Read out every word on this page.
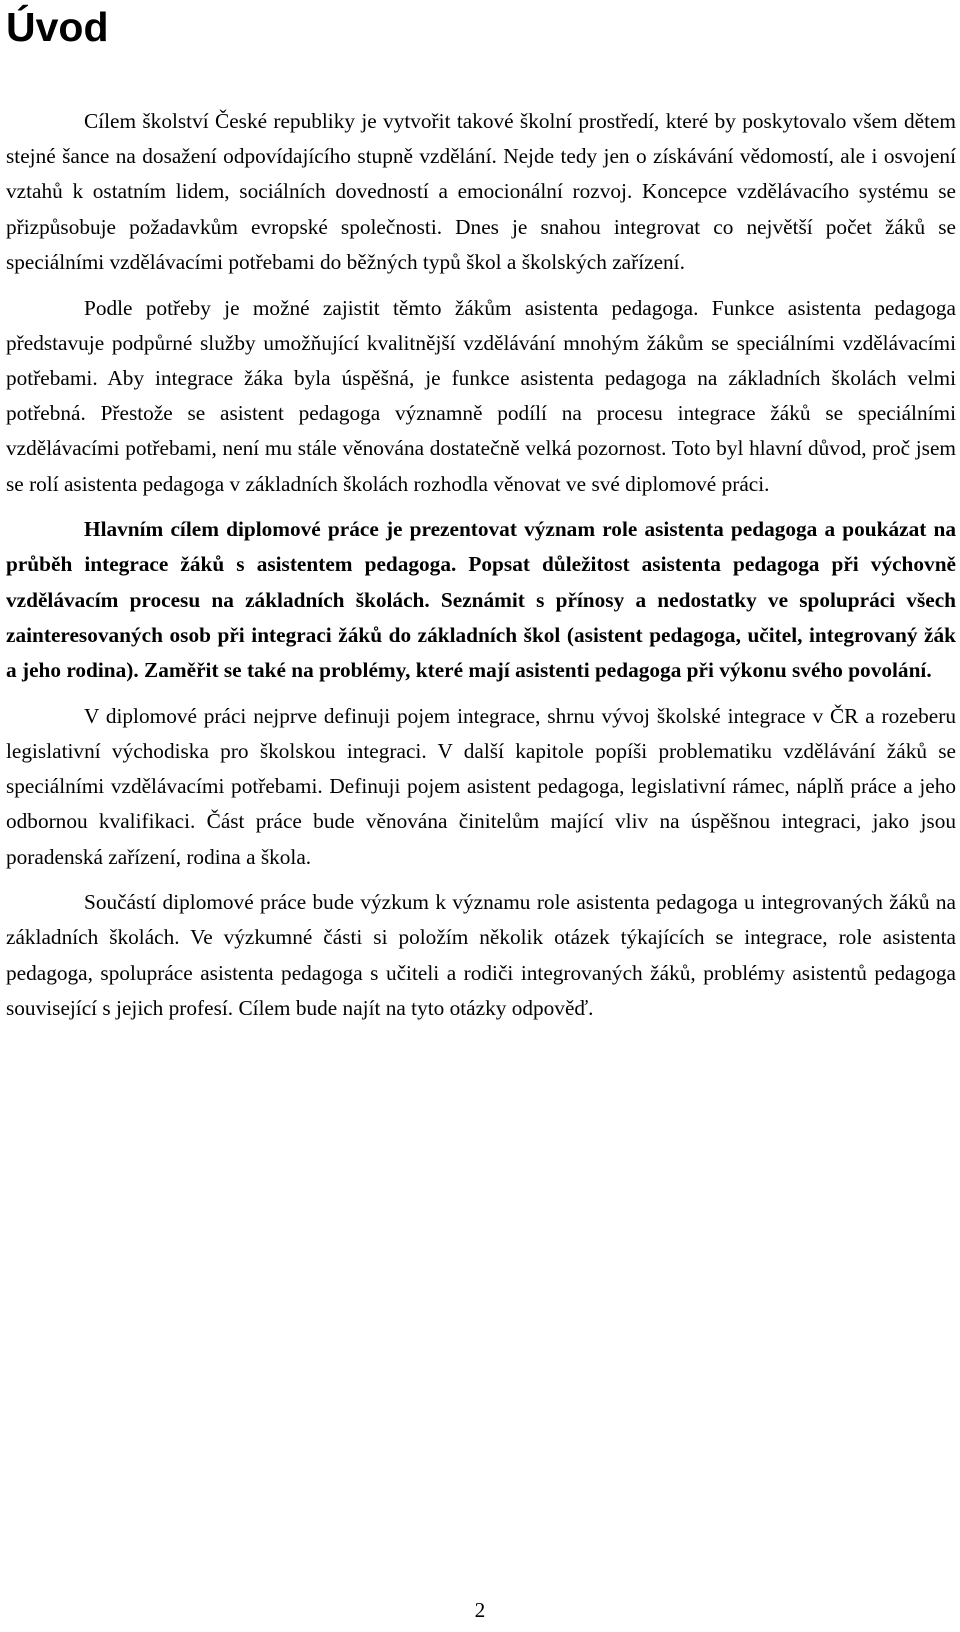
Úvod

Cílem školství České republiky je vytvořit takové školní prostředí, které by poskytovalo všem dětem stejné šance na dosažení odpovídajícího stupně vzdělání. Nejde tedy jen o získávání vědomostí, ale i osvojení vztahů k ostatním lidem, sociálních dovedností a emocionální rozvoj. Koncepce vzdělávacího systému se přizpůsobuje požadavkům evropské společnosti. Dnes je snahou integrovat co největší počet žáků se speciálními vzdělávacími potřebami do běžných typů škol a školských zařízení.

Podle potřeby je možné zajistit těmto žákům asistenta pedagoga. Funkce asistenta pedagoga představuje podpůrné služby umožňující kvalitnější vzdělávání mnohým žákům se speciálními vzdělávacími potřebami. Aby integrace žáka byla úspěšná, je funkce asistenta pedagoga na základních školách velmi potřebná. Přestože se asistent pedagoga významně podílí na procesu integrace žáků se speciálními vzdělávacími potřebami, není mu stále věnována dostatečně velká pozornost. Toto byl hlavní důvod, proč jsem se rolí asistenta pedagoga v základních školách rozhodla věnovat ve své diplomové práci.

Hlavním cílem diplomové práce je prezentovat význam role asistenta pedagoga a poukázat na průběh integrace žáků s asistentem pedagoga. Popsat důležitost asistenta pedagoga při výchovně vzdělávacím procesu na základních školách. Seznámit s přínosy a nedostatky ve spolupráci všech zainteresovaných osob při integraci žáků do základních škol (asistent pedagoga, učitel, integrovaný žák a jeho rodina). Zaměřit se také na problémy, které mají asistenti pedagoga při výkonu svého povolání.

V diplomové práci nejprve definuji pojem integrace, shrnu vývoj školské integrace v ČR a rozeberu legislativní východiska pro školskou integraci. V další kapitole popíši problematiku vzdělávání žáků se speciálními vzdělávacími potřebami. Definuji pojem asistent pedagoga, legislativní rámec, náplň práce a jeho odbornou kvalifikaci. Část práce bude věnována činitelům mající vliv na úspěšnou integraci, jako jsou poradenská zařízení, rodina a škola.

Součástí diplomové práce bude výzkum k významu role asistenta pedagoga u integrovaných žáků na základních školách. Ve výzkumné části si položím několik otázek týkajících se integrace, role asistenta pedagoga, spolupráce asistenta pedagoga s učiteli a rodiči integrovaných žáků, problémy asistentů pedagoga související s jejich profesí. Cílem bude najít na tyto otázky odpověď.

2
